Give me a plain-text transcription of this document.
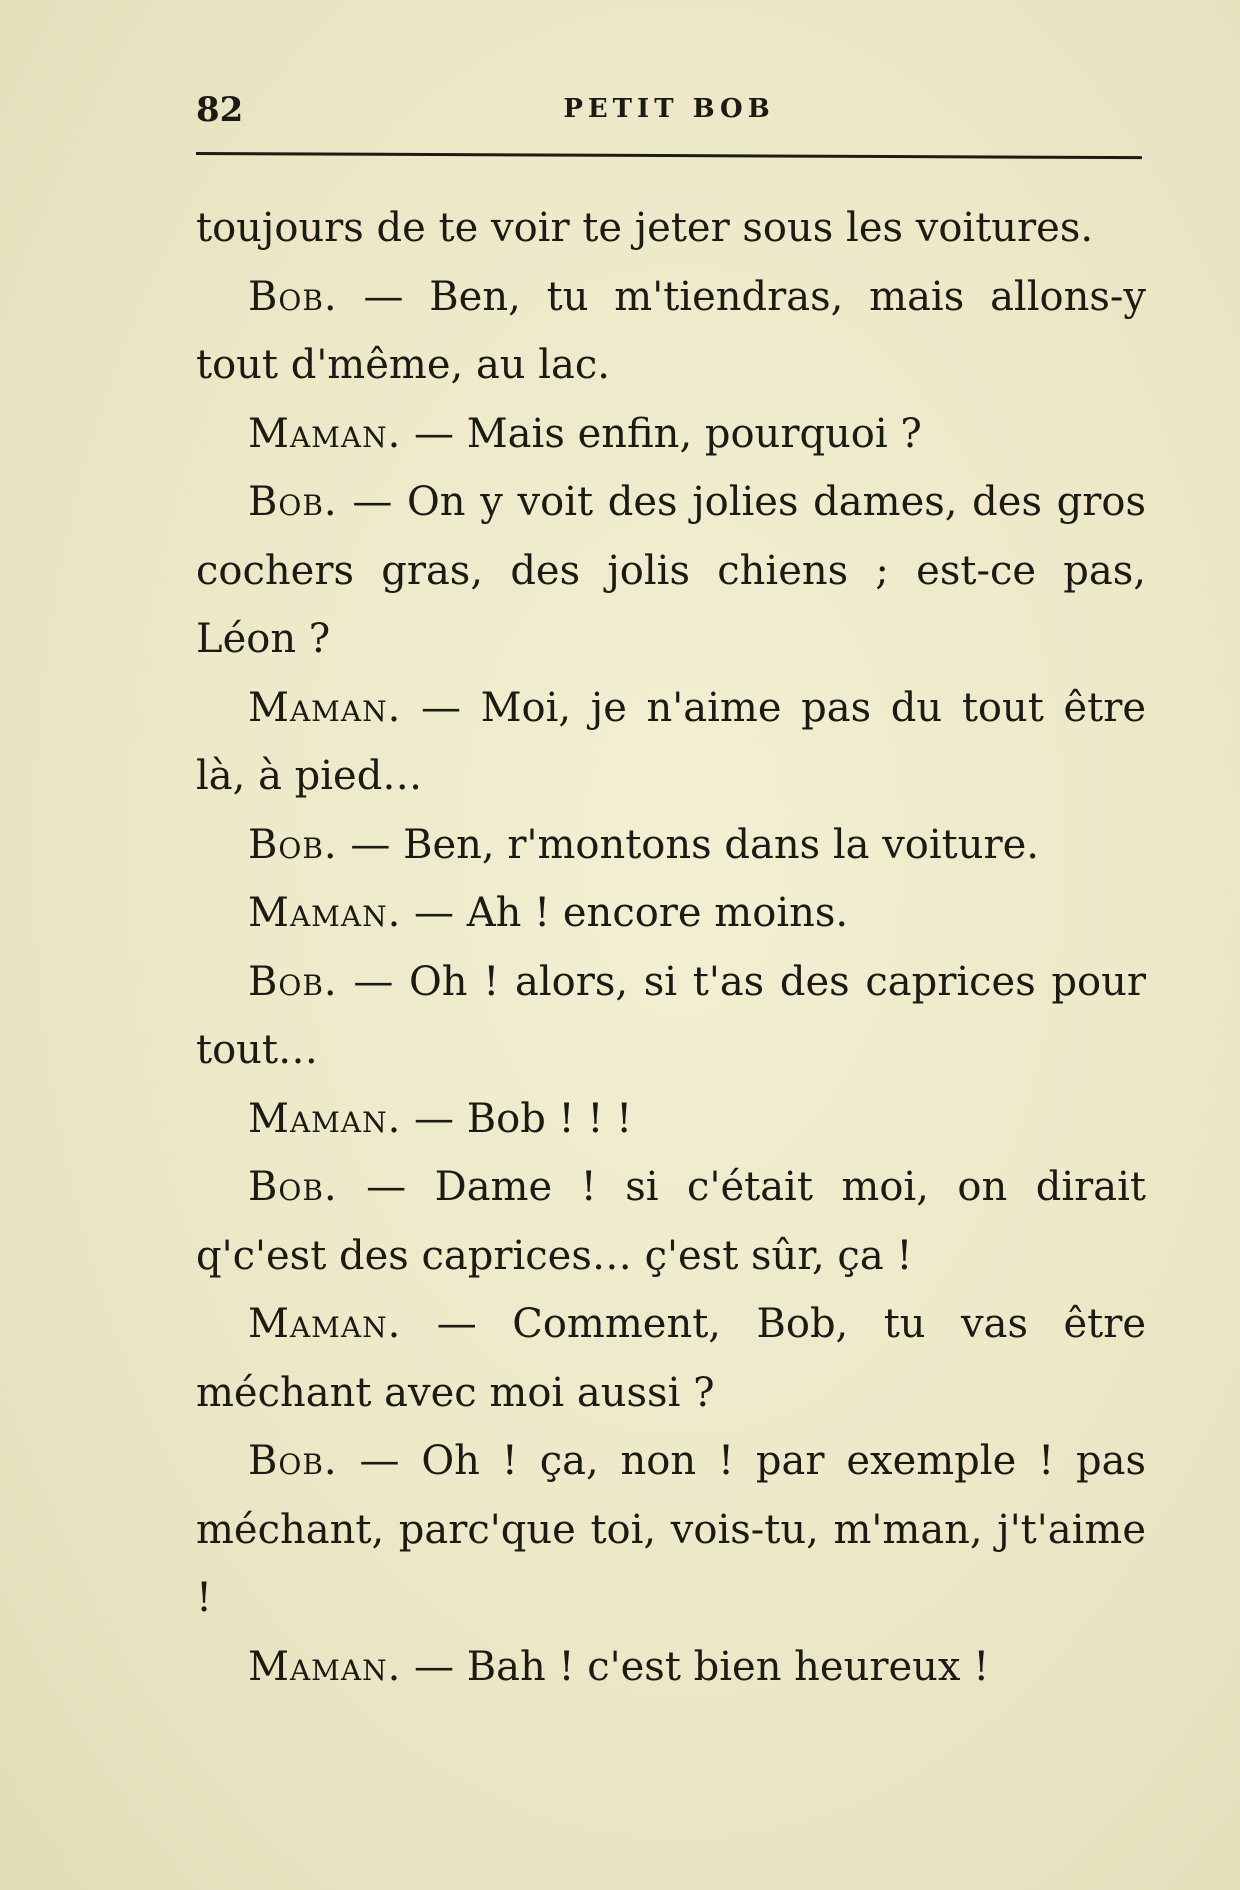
82	PETIT BOB

toujours de te voir te jeter sous les voitures.

Bob. — Ben, tu m'tiendras, mais allons-y tout d'même, au lac.

Maman. — Mais enfin, pourquoi ?

Bob. — On y voit des jolies dames, des gros cochers gras, des jolis chiens ; est-ce pas, Léon ?

Maman. — Moi, je n'aime pas du tout être là, à pied…

Bob. — Ben, r'montons dans la voiture.

Maman. — Ah ! encore moins.

Bob. — Oh ! alors, si t'as des caprices pour tout…

Maman. — Bob ! ! !

Bob. — Dame ! si c'était moi, on dirait q'c'est des caprices… ç'est sûr, ça !

Maman. — Comment, Bob, tu vas être méchant avec moi aussi ?

Bob. — Oh ! ça, non ! par exemple ! pas méchant, parc'que toi, vois-tu, m'man, j't'aime !

Maman. — Bah ! c'est bien heureux !
